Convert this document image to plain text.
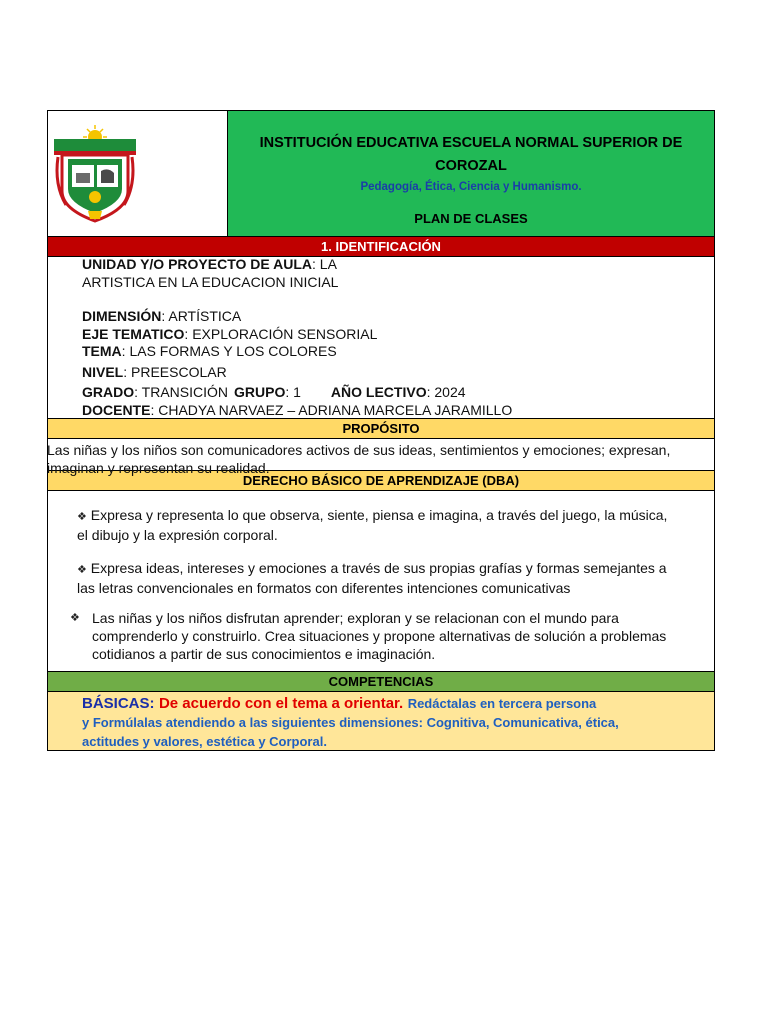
INSTITUCIÓN EDUCATIVA ESCUELA NORMAL SUPERIOR DE COROZAL
Pedagogía, Ética, Ciencia y Humanismo.
PLAN DE CLASES
1. IDENTIFICACIÓN

UNIDAD Y/O PROYECTO DE AULA: LA

ARTISTICA EN LA EDUCACION INICIAL

DIMENSIÓN: ARTÍSTICA

EJE TEMATICO: EXPLORACIÓN SENSORIAL

TEMA: LAS FORMAS Y LOS COLORES

NIVEL: PREESCOLAR

GRADO: TRANSICIÓN GRUPO: 1 AÑO LECTIVO: 2024

DOCENTE: CHADYA NARVAEZ – ADRIANA MARCELA JARAMILLO

PROPÓSITO
Las niñas y los niños son comunicadores activos de sus ideas, sentimientos y emociones; expresan,
imaginan y representan su realidad.
DERECHO BÁSICO DE APRENDIZAJE (DBA)
❖ Expresa y representa lo que observa, siente, piensa e imagina, a través del juego, la música,
el dibujo y la expresión corporal.
❖ Expresa ideas, intereses y emociones a través de sus propias grafías y formas semejantes a
las letras convencionales en formatos con diferentes intenciones comunicativas
❖ Las niñas y los niños disfrutan aprender; exploran y se relacionan con el mundo para
comprenderlo y construirlo. Crea situaciones y propone alternativas de solución a problemas
cotidianos a partir de sus conocimientos e imaginación.
COMPETENCIAS
BÁSICAS: De acuerdo con el tema a orientar. Redáctalas en tercera persona
y Formúlalas atendiendo a las siguientes dimensiones: Cognitiva, Comunicativa, ética,
actitudes y valores, estética y Corporal.
